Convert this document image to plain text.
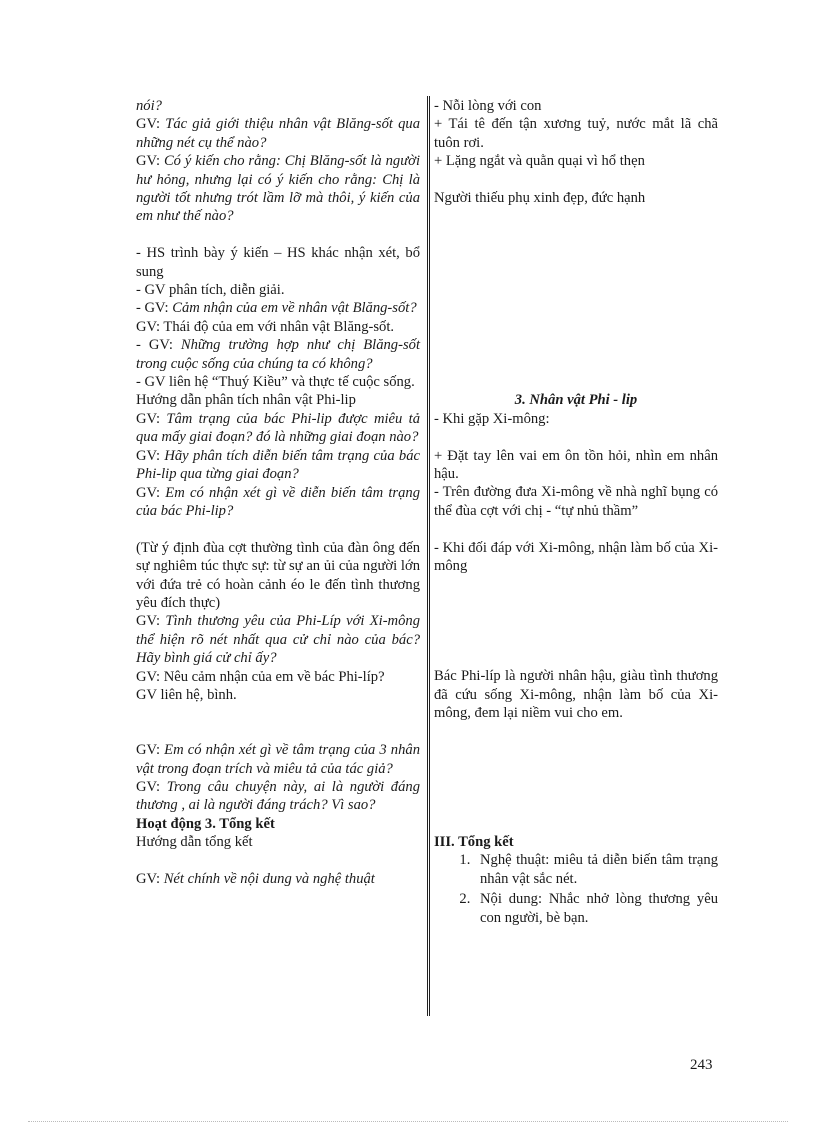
nói?
GV: Tác giả giới thiệu nhân vật Blăng-sốt qua những nét cụ thể nào?
GV: Có ý kiến cho rằng: Chị Blăng-sốt là người hư hỏng, nhưng lại có ý kiến cho rằng: Chị là người tốt nhưng trót lầm lỡ mà thôi, ý kiến của em như thế nào?
- HS trình bày ý kiến – HS khác nhận xét, bổ sung
- GV phân tích, diễn giải.
- GV: Cảm nhận của em về nhân vật Blăng-sốt?
GV: Thái độ của em với nhân vật Blăng-sốt.
- GV: Những trường hợp như chị Blăng-sốt trong cuộc sống của chúng ta có không?
- GV liên hệ “Thuý Kiều” và thực tế cuộc sống.
Hướng dẫn phân tích nhân vật Phi-lip
GV: Tâm trạng của bác Phi-lip được miêu tả qua mấy giai đoạn? đó là những giai đoạn nào?
GV: Hãy phân tích diễn biến tâm trạng của bác Phi-lip qua từng giai đoạn?
GV: Em có nhận xét gì về diễn biến tâm trạng của bác Phi-lip?
(Từ ý định đùa cợt thường tình của đàn ông đến sự nghiêm túc thực sự: từ sự an ủi của người lớn với đứa trẻ có hoàn cảnh éo le đến tình thương yêu đích thực)
GV: Tình thương yêu của Phi-Líp với Xi-mông thể hiện rõ nét nhất qua cử chỉ nào của bác? Hãy bình giá cử chỉ ấy?
GV: Nêu cảm nhận của em về bác Phi-líp?
GV liên hệ, bình.
GV: Em có nhận xét gì về tâm trạng của 3 nhân vật trong đoạn trích và miêu tả của tác giả?
GV: Trong câu chuyện này, ai là người đáng thương , ai là người đáng trách? Vì sao?
Hoạt động 3. Tổng kết
Hướng dẫn tổng kết
GV: Nét chính về nội dung và nghệ thuật
- Nỗi lòng với con
+ Tái tê đến tận xương tuỷ, nước mắt lã chã tuôn rơi.
+ Lặng ngắt và quằn quại vì hổ thẹn
Người thiếu phụ xinh đẹp, đức hạnh
3. Nhân vật Phi - lip
- Khi gặp Xi-mông:
+ Đặt tay lên vai em ôn tồn hỏi, nhìn em nhân hậu.
- Trên đường đưa Xi-mông về nhà nghĩ bụng có thể đùa cợt với chị - “tự nhủ thầm”
- Khi đối đáp với Xi-mông, nhận làm bố của Xi-mông
Bác Phi-líp là người nhân hậu, giàu tình thương đã cứu sống Xi-mông, nhận làm bố của Xi-mông, đem lại niềm vui cho em.
III. Tổng kết
1. Nghệ thuật: miêu tả diễn biến tâm trạng nhân vật sắc nét.
2. Nội dung: Nhắc nhở lòng thương yêu con người, bè bạn.
243
